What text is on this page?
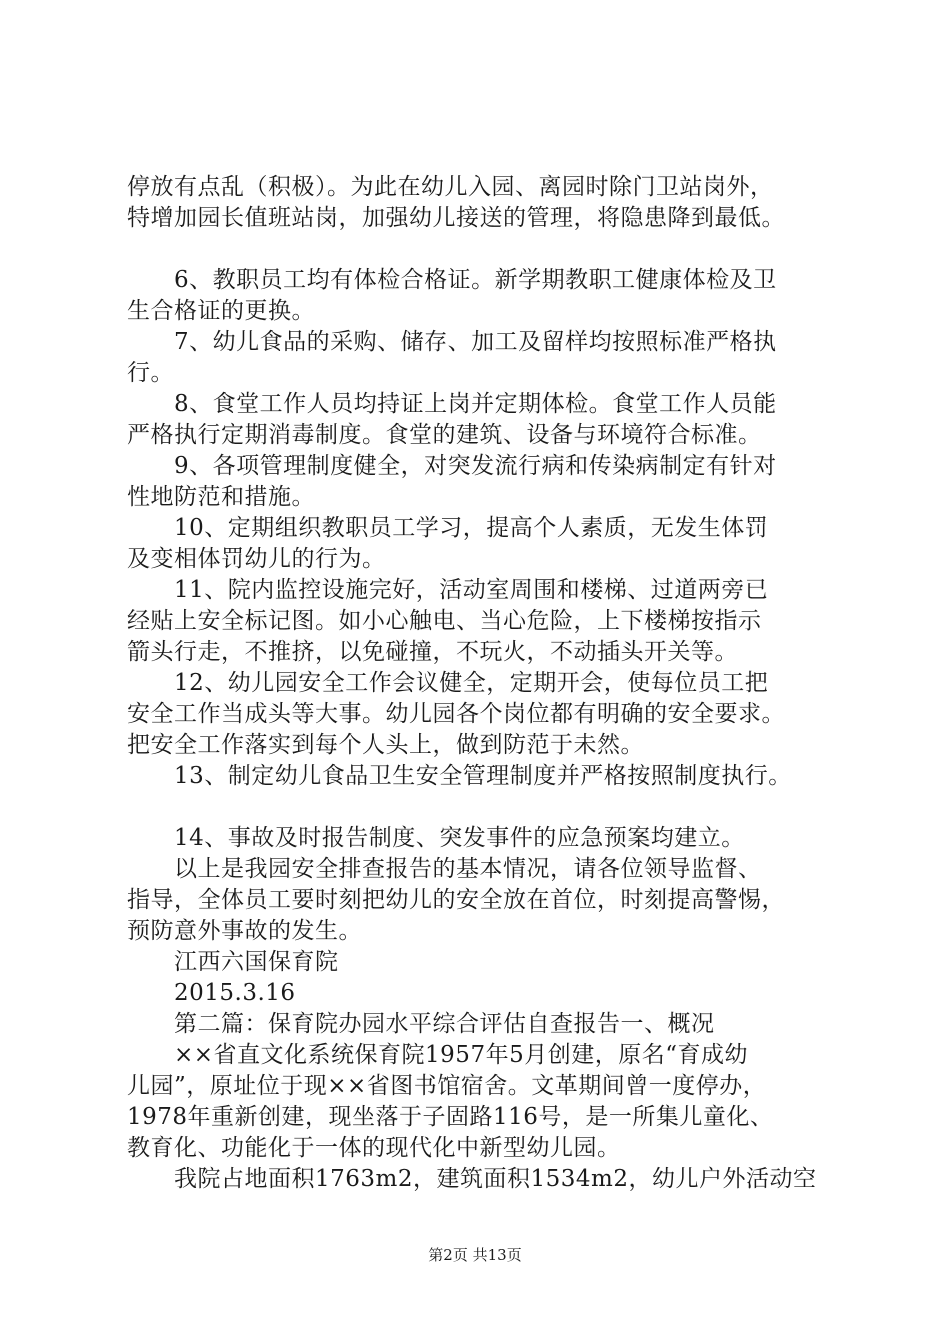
停放有点乱（积极）。为此在幼儿入园、离园时除门卫站岗外，
特增加园长值班站岗，加强幼儿接送的管理，将隐患降到最低。
6、教职员工均有体检合格证。新学期教职工健康体检及卫
生合格证的更换。
7、幼儿食品的采购、储存、加工及留样均按照标准严格执
行。
8、食堂工作人员均持证上岗并定期体检。食堂工作人员能
严格执行定期消毒制度。食堂的建筑、设备与环境符合标准。
9、各项管理制度健全，对突发流行病和传染病制定有针对
性地防范和措施。
10、定期组织教职员工学习，提高个人素质，无发生体罚
及变相体罚幼儿的行为。
11、院内监控设施完好，活动室周围和楼梯、过道两旁已
经贴上安全标记图。如小心触电、当心危险，上下楼梯按指示
箭头行走，不推挤，以免碰撞，不玩火，不动插头开关等。
12、幼儿园安全工作会议健全，定期开会，使每位员工把
安全工作当成头等大事。幼儿园各个岗位都有明确的安全要求。
把安全工作落实到每个人头上，做到防范于未然。
13、制定幼儿食品卫生安全管理制度并严格按照制度执行。
14、事故及时报告制度、突发事件的应急预案均建立。
以上是我园安全排查报告的基本情况，请各位领导监督、
指导，全体员工要时刻把幼儿的安全放在首位，时刻提高警惕，
预防意外事故的发生。
江西六国保育院
2015.3.16
第二篇：保育院办园水平综合评估自查报告一、概况
××省直文化系统保育院1957年5月创建，原名“育成幼
儿园”，原址位于现××省图书馆宿舍。文革期间曾一度停办，
1978年重新创建，现坐落于子固路116号，是一所集儿童化、
教育化、功能化于一体的现代化中新型幼儿园。
我院占地面积1763m2，建筑面积1534m2，幼儿户外活动空
第2页 共13页
